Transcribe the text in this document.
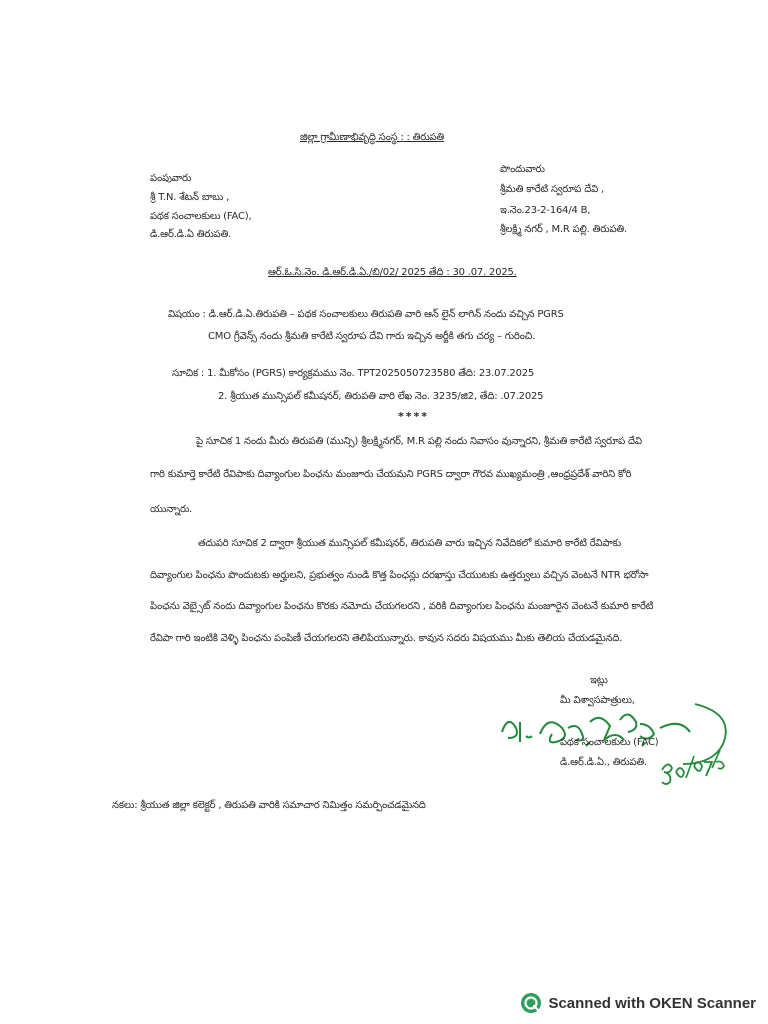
జిల్లా గ్రామీణాభివృద్ధి సంస్థ : : తిరుపతి
పంపువారు
శ్రీ T.N. శేటన్ బాబు ,
పథక సంచాలకులు (FAC),
డి.ఆర్.డి.ఏ తిరుపతి.
పొందువారు
శ్రీమతి కారేటి స్వరూప దేవి ,
ఇ.నెం.23-2-164/4 B,
శ్రీలక్ష్మి నగర్ , M.R పల్లి. తిరుపతి.
ఆర్.ఓ.సి.నెం. డి.ఆర్.డి.ఏ./బి/02/ 2025 తేది : 30 .07. 2025.
విషయం : డి.ఆర్.డి.ఏ.తిరుపతి – పథక సంచాలకులు తిరుపతి వారి ఆన్ లైన్ లాగిన్ నందు వచ్చిన PGRS
CMO గ్రీవెన్స్ నందు శ్రీమతి కారేటి స్వరూప దేవి గారు ఇచ్చిన అర్జీకి తగు చర్య – గురించి.
సూచిక : 1. మీకోసం (PGRS) కార్యక్రమము నెం. TPT2025050723580 తేది: 23.07.2025
2. శ్రీయుత మున్సిపల్ కమీషనర్, తిరుపతి వారి లేఖ నెం. 3235/జి2, తేది: .07.2025
****
పై సూచిక 1 నందు మీరు తిరుపతి (మున్సి) శ్రీలక్ష్మినగర్, M.R పల్లి నందు నివాసం వున్నారని, శ్రీమతి కారేటి స్వరూప దేవి
గారి కుమార్తె కారేటి రేవిపాకు దివ్యాంగుల పింఛను మంజూరు చేయమని PGRS ద్వారా గౌరవ ముఖ్యమంత్రి ,ఆంధ్రప్రదేశ్ వారిని కోరి
యున్నారు.
తదుపరి సూచిక 2 ద్వారా శ్రీయుత మున్సిపల్ కమీషనర్, తిరుపతి వారు ఇచ్చిన నివేదికలో కుమారి కారేటి రేవిపాకు
దివ్యాంగుల పింఛను పొందుటకు అర్హులని, ప్రభుత్వం నుండి కొత్త పింఛన్లు దరఖాస్తు చేయుటకు ఉత్తర్వులు వచ్చిన వెంటనే NTR భరోసా
పింఛను వెబ్సైట్ నందు దివ్యాంగుల పింఛను కొరకు నమోదు చేయగలరని , వరికి దివ్యాంగుల పింఛను మంజూరైన వెంటనే కుమారి కారేటి
రేవిపా గారి ఇంటికి వెళ్ళి పింఛను పంపిణీ చేయగలరని తెలిపియున్నారు. కావున సదరు విషయము మీకు తెలియ చేయడమైనది.
ఇట్లు
మీ విశ్వాసపాత్రులు,
పథక సంచాలకులు (FAC)
డి.ఆర్.డి.ఏ., తిరుపతి.
నకలు: శ్రీయుత జిల్లా కలెక్టర్ , తిరుపతి వారికి సమాచార నిమిత్తం సమర్పించడమైనది
Scanned with OKEN Scanner
